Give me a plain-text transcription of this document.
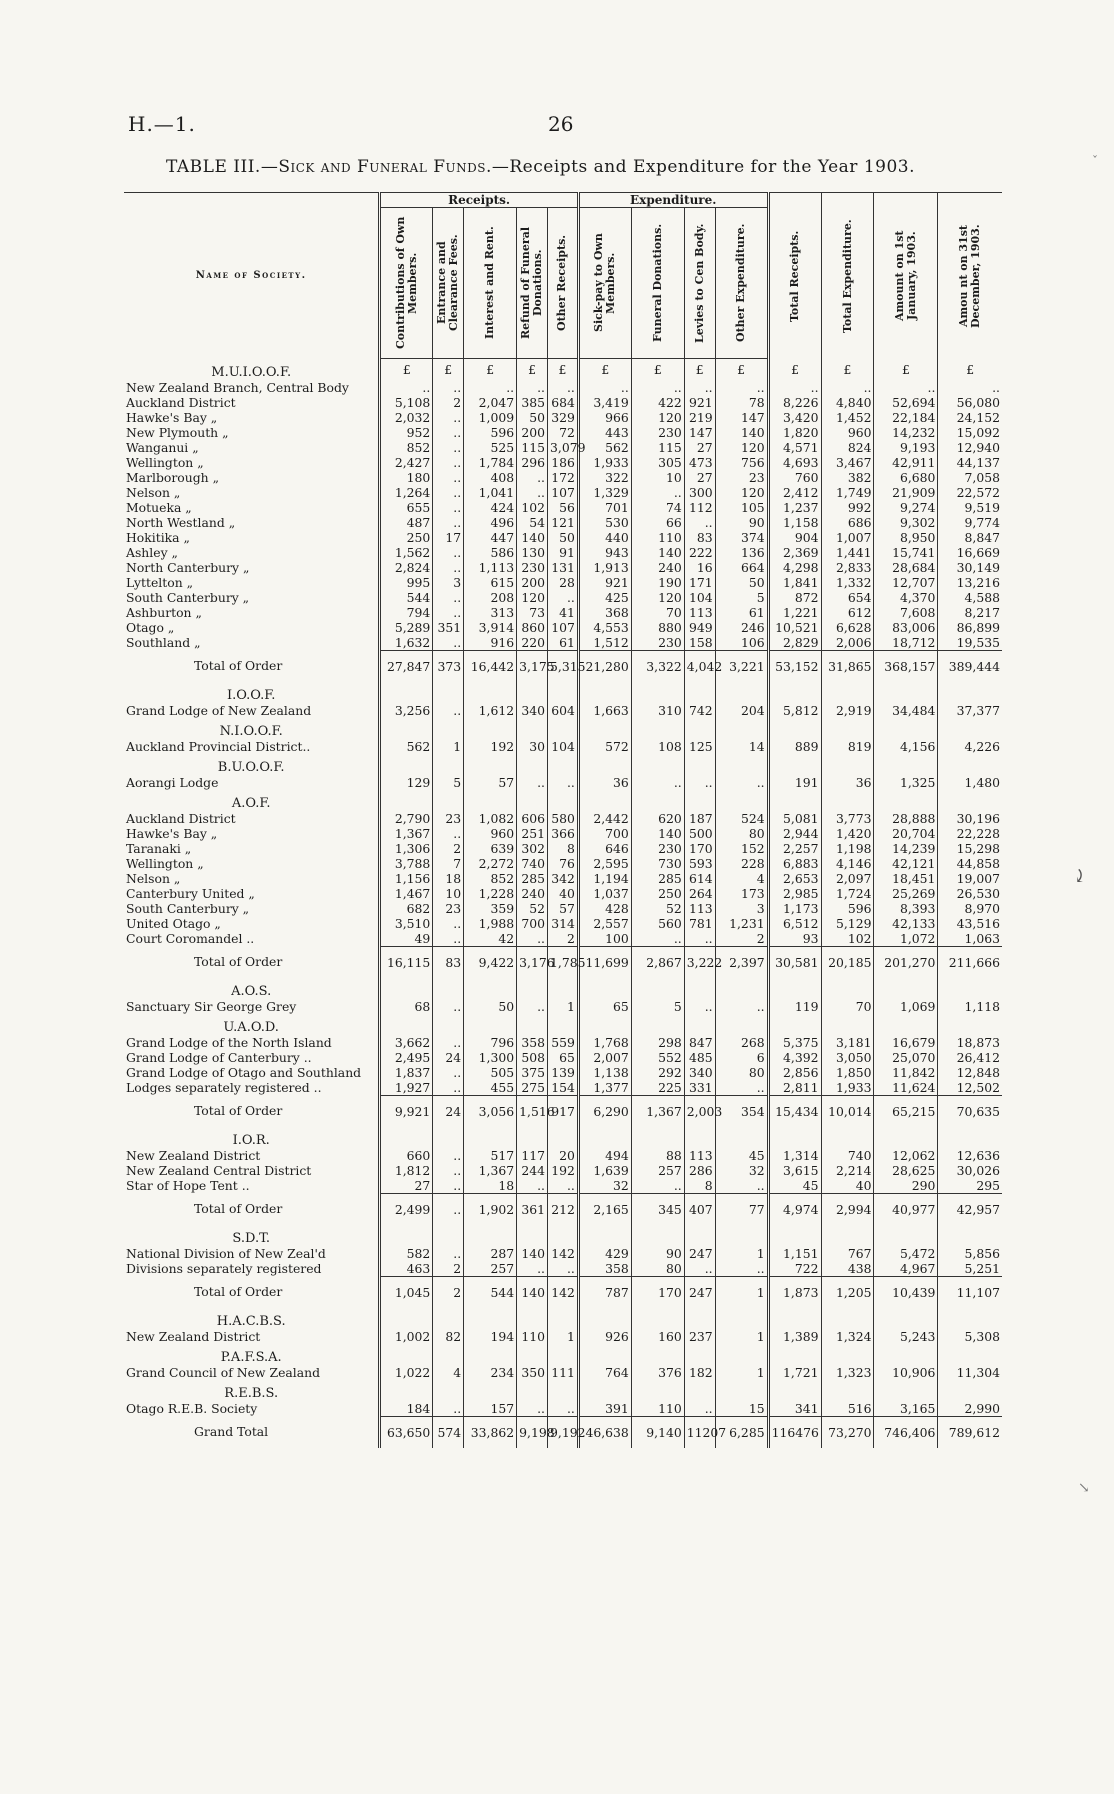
H.—1.	26
TABLE III.—Sick and Funeral Funds.—Receipts and Expenditure for the Year 1903.
Name of Society.	Receipts.					Expenditure.				Total Receipts.	Total Expenditure.	Amount on 1st January, 1903.	Amou nt on 31st December, 1903.

	Contributions of Own Members.	Entrance and Clearance Fees.	Interest and Rent.	Refund of Funeral Donations.	Other Receipts.	Sick-pay to Own Members.	Funeral Donations.	Levies to Cen Body.	Other Expenditure.				

M.U.I.O.O.F.	£	£	£	£	£	£	£	£	£	£	£	£	£
New Zealand Branch, Central Body	..	..	..	..	..	..	..	..	..	..	..	..	..
Auckland District	5,108	2	2,047	385	684	3,419	422	921	78	8,226	4,840	52,694	56,080
Hawke's Bay „	2,032	..	1,009	50	329	966	120	219	147	3,420	1,452	22,184	24,152
New Plymouth „	952	..	596	200	72	443	230	147	140	1,820	960	14,232	15,092
Wanganui „	852	..	525	115	3,079	562	115	27	120	4,571	824	9,193	12,940
Wellington „	2,427	..	1,784	296	186	1,933	305	473	756	4,693	3,467	42,911	44,137
Marlborough „	180	..	408	..	172	322	10	27	23	760	382	6,680	7,058
Nelson „	1,264	..	1,041	..	107	1,329	..	300	120	2,412	1,749	21,909	22,572
Motueka „	655	..	424	102	56	701	74	112	105	1,237	992	9,274	9,519
North Westland „	487	..	496	54	121	530	66	..	90	1,158	686	9,302	9,774
Hokitika „	250	17	447	140	50	440	110	83	374	904	1,007	8,950	8,847
Ashley „	1,562	..	586	130	91	943	140	222	136	2,369	1,441	15,741	16,669
North Canterbury „	2,824	..	1,113	230	131	1,913	240	16	664	4,298	2,833	28,684	30,149
Lyttelton „	995	3	615	200	28	921	190	171	50	1,841	1,332	12,707	13,216
South Canterbury „	544	..	208	120	..	425	120	104	5	872	654	4,370	4,588
Ashburton „	794	..	313	73	41	368	70	113	61	1,221	612	7,608	8,217
Otago „	5,289	351	3,914	860	107	4,553	880	949	246	10,521	6,628	83,006	86,899
Southland „	1,632	..	916	220	61	1,512	230	158	106	2,829	2,006	18,712	19,535
Total of Order	27,847	373	16,442	3,175	5,315	21,280	3,322	4,042	3,221	53,152	31,865	368,157	389,444
I.O.O.F.													
Grand Lodge of New Zealand	3,256	..	1,612	340	604	1,663	310	742	204	5,812	2,919	34,484	37,377
N.I.O.O.F.													
Auckland Provincial District..	562	1	192	30	104	572	108	125	14	889	819	4,156	4,226
B.U.O.O.F.													
Aorangi Lodge	129	5	57	..	..	36	..	..	..	191	36	1,325	1,480
A.O.F.													
Auckland District	2,790	23	1,082	606	580	2,442	620	187	524	5,081	3,773	28,888	30,196
Hawke's Bay „	1,367	..	960	251	366	700	140	500	80	2,944	1,420	20,704	22,228
Taranaki „	1,306	2	639	302	8	646	230	170	152	2,257	1,198	14,239	15,298
Wellington „	3,788	7	2,272	740	76	2,595	730	593	228	6,883	4,146	42,121	44,858
Nelson „	1,156	18	852	285	342	1,194	285	614	4	2,653	2,097	18,451	19,007
Canterbury United „	1,467	10	1,228	240	40	1,037	250	264	173	2,985	1,724	25,269	26,530
South Canterbury „	682	23	359	52	57	428	52	113	3	1,173	596	8,393	8,970
United Otago „	3,510	..	1,988	700	314	2,557	560	781	1,231	6,512	5,129	42,133	43,516
Court Coromandel ..	49	..	42	..	2	100	..	..	2	93	102	1,072	1,063
Total of Order	16,115	83	9,422	3,176	1,785	11,699	2,867	3,222	2,397	30,581	20,185	201,270	211,666
A.O.S.													
Sanctuary Sir George Grey	68	..	50	..	1	65	5	..	..	119	70	1,069	1,118
U.A.O.D.													
Grand Lodge of the North Island	3,662	..	796	358	559	1,768	298	847	268	5,375	3,181	16,679	18,873
Grand Lodge of Canterbury ..	2,495	24	1,300	508	65	2,007	552	485	6	4,392	3,050	25,070	26,412
Grand Lodge of Otago and Southland	1,837	..	505	375	139	1,138	292	340	80	2,856	1,850	11,842	12,848
Lodges separately registered ..	1,927	..	455	275	154	1,377	225	331	..	2,811	1,933	11,624	12,502
Total of Order	9,921	24	3,056	1,516	917	6,290	1,367	2,003	354	15,434	10,014	65,215	70,635
I.O.R.													
New Zealand District	660	..	517	117	20	494	88	113	45	1,314	740	12,062	12,636
New Zealand Central District	1,812	..	1,367	244	192	1,639	257	286	32	3,615	2,214	28,625	30,026
Star of Hope Tent ..	27	..	18	..	..	32	..	8	..	45	40	290	295
Total of Order	2,499	..	1,902	361	212	2,165	345	407	77	4,974	2,994	40,977	42,957
S.D.T.													
National Division of New Zeal'd	582	..	287	140	142	429	90	247	1	1,151	767	5,472	5,856
Divisions separately registered	463	2	257	..	..	358	80	..	..	722	438	4,967	5,251
Total of Order	1,045	2	544	140	142	787	170	247	1	1,873	1,205	10,439	11,107
H.A.C.B.S.													
New Zealand District	1,002	82	194	110	1	926	160	237	1	1,389	1,324	5,243	5,308
P.A.F.S.A.													
Grand Council of New Zealand	1,022	4	234	350	111	764	376	182	1	1,721	1,323	10,906	11,304
R.E.B.S.													
Otago R.E.B. Society	184	..	157	..	..	391	110	..	15	341	516	3,165	2,990
Grand Total	63,650	574	33,862	9,198	9,192	46,638	9,140	11207	6,285	116476	73,270	746,406	789,612
ˇ
⤸
↘
